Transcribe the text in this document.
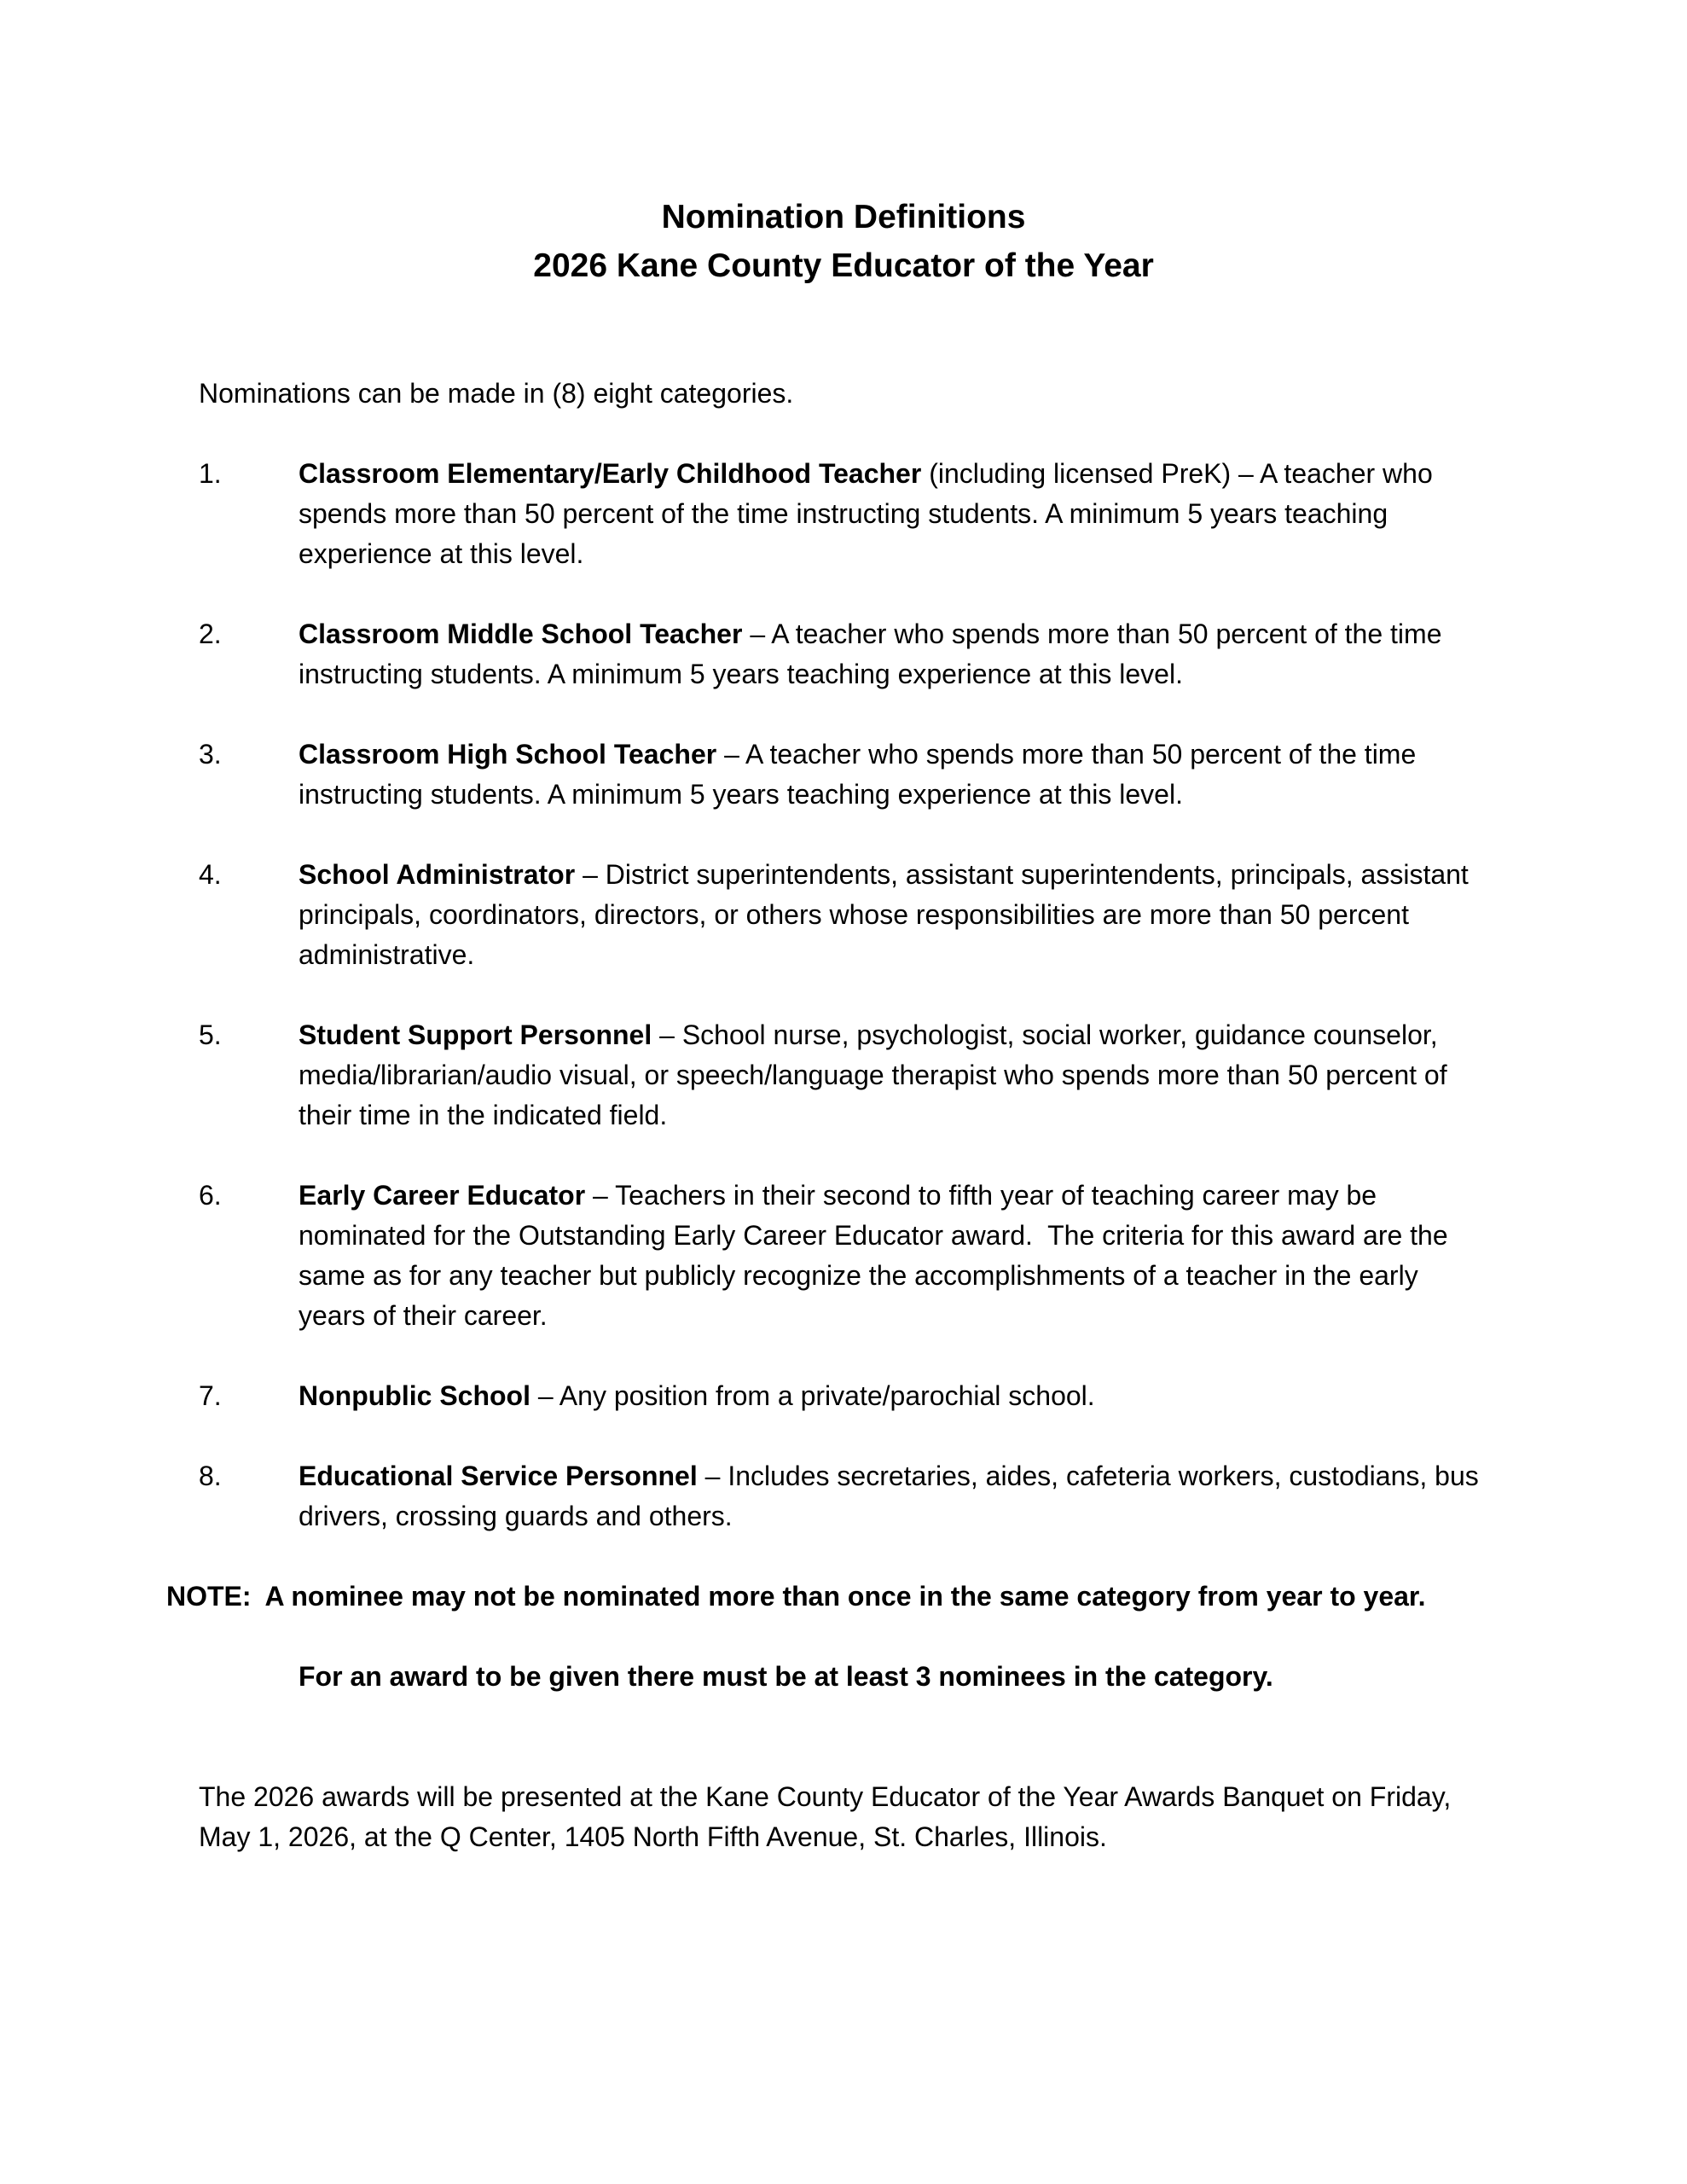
Nomination Definitions
2026 Kane County Educator of the Year

Nominations can be made in (8) eight categories.

1.	Classroom Elementary/Early Childhood Teacher (including licensed PreK) – A teacher who spends more than 50 percent of the time instructing students. A minimum 5 years teaching experience at this level.

2.	Classroom Middle School Teacher – A teacher who spends more than 50 percent of the time instructing students. A minimum 5 years teaching experience at this level.

3.	Classroom High School Teacher – A teacher who spends more than 50 percent of the time instructing students. A minimum 5 years teaching experience at this level.

4.	School Administrator – District superintendents, assistant superintendents, principals, assistant principals, coordinators, directors, or others whose responsibilities are more than 50 percent administrative.

5.	Student Support Personnel – School nurse, psychologist, social worker, guidance counselor, media/librarian/audio visual, or speech/language therapist who spends more than 50 percent of their time in the indicated field.

6.	Early Career Educator – Teachers in their second to fifth year of teaching career may be nominated for the Outstanding Early Career Educator award.  The criteria for this award are the same as for any teacher but publicly recognize the accomplishments of a teacher in the early years of their career.

7.	Nonpublic School – Any position from a private/parochial school.

8.	Educational Service Personnel – Includes secretaries, aides, cafeteria workers, custodians, bus drivers, crossing guards and others.

NOTE: A nominee may not be nominated more than once in the same category from year to year.

For an award to be given there must be at least 3 nominees in the category.

The 2026 awards will be presented at the Kane County Educator of the Year Awards Banquet on Friday, May 1, 2026, at the Q Center, 1405 North Fifth Avenue, St. Charles, Illinois.
